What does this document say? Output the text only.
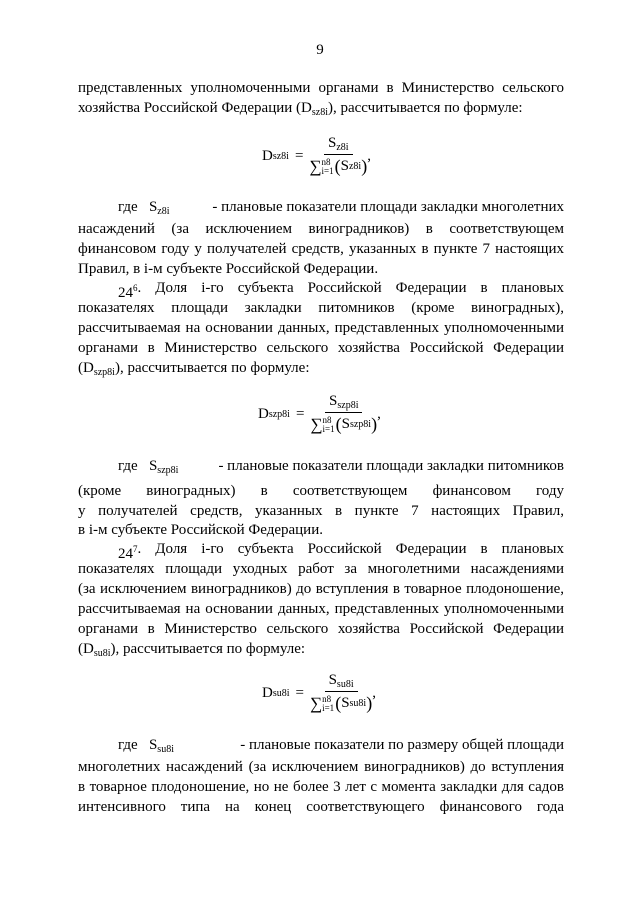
9
представленных уполномоченными органами в Министерство сельского
хозяйства Российской Федерации $(D_{sz8i})$, рассчитывается по формуле:
D $sz8i = S_{z8i}$
∑ n8
i=1 ( S z8i ) ,
где $S_{z8i}$	- плановые показатели площади закладки многолетних
насаждений (за исключением виноградников) в соответствующем
финансовом году у получателей средств, указанных в пункте 7 настоящих
Правил, в i-м субъекте Российской Федерации.
$24^6$ . Доля i-го субъекта Российской Федерации в плановых
показателях площади закладки питомников (кроме виноградных),
рассчитываемая на основании данных, представленных уполномоченными
органами в Министерство сельского хозяйства Российской Федерации
$(D_{szp8i})$, рассчитывается по формуле:
D $szp8i = S_{szp8i}$
∑ n8
i=1 ( S szp8i ) ,
где $S_{szp8i}$	- плановые показатели площади закладки питомников
(кроме виноградных) в соответствующем финансовом году
у получателей средств, указанных в пункте 7 настоящих Правил,
в i-м субъекте Российской Федерации.
$24^7$ . Доля i-го субъекта Российской Федерации в плановых
показателях площади уходных работ за многолетними насаждениями
(за исключением виноградников) до вступления в товарное плодоношение,
рассчитываемая на основании данных, представленных уполномоченными
органами в Министерство сельского хозяйства Российской Федерации
$(D_{su8i})$, рассчитывается по формуле:
D $su8i = S_{su8i}$
∑ n8
i=1 ( S su8i ) ,
где $S_{su8i}$	- плановые показатели по размеру общей площади
многолетних насаждений (за исключением виноградников) до вступления
в товарное плодоношение, но не более 3 лет с момента закладки для садов
интенсивного типа на конец соответствующего финансового года
